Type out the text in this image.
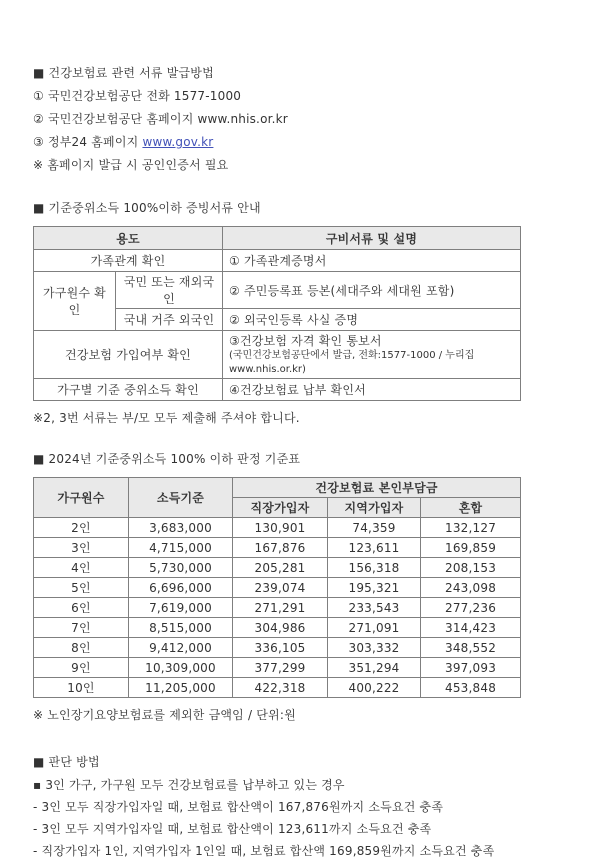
■ 건강보험료 관련 서류 발급방법
① 국민건강보험공단 전화 1577-1000
② 국민건강보험공단 홈페이지 www.nhis.or.kr
③ 정부24 홈페이지 www.gov.kr
※ 홈페이지 발급 시 공인인증서 필요
■ 기준중위소득 100%이하 증빙서류 안내
용도		구비서류 및 설명
가족관계 확인		① 가족관계증명서
가구원수 확인	국민 또는 재외국인	② 주민등록표 등본(세대주와 세대원 포함)
	국내 거주 외국인	② 외국인등록 사실 증명
건강보험 가입여부 확인		③건강보험 자격 확인 통보서
(국민건강보험공단에서 발급, 전화:1577-1000 / 누리집 www.nhis.or.kr)

가구별 기준 중위소득 확인		④건강보험료 납부 확인서
※2, 3번 서류는 부/모 모두 제출해 주셔야 합니다.
■ 2024년 기준중위소득 100% 이하 판정 기준표
가구원수	소득기준	건강보험료 본인부담금		
		직장가입자	지역가입자	혼합
2인	3,683,000	130,901	74,359	132,127
3인	4,715,000	167,876	123,611	169,859
4인	5,730,000	205,281	156,318	208,153
5인	6,696,000	239,074	195,321	243,098
6인	7,619,000	271,291	233,543	277,236
7인	8,515,000	304,986	271,091	314,423
8인	9,412,000	336,105	303,332	348,552
9인	10,309,000	377,299	351,294	397,093
10인	11,205,000	422,318	400,222	453,848
※ 노인장기요양보험료를 제외한 금액임 / 단위:원
■ 판단 방법
▪ 3인 가구, 가구원 모두 건강보험료를 납부하고 있는 경우
- 3인 모두 직장가입자일 때, 보험료 합산액이 167,876원까지 소득요건 충족
- 3인 모두 지역가입자일 때, 보험료 합산액이 123,611까지 소득요건 충족
- 직장가입자 1인, 지역가입자 1인일 때, 보험료 합산액 169,859원까지 소득요건 충족
